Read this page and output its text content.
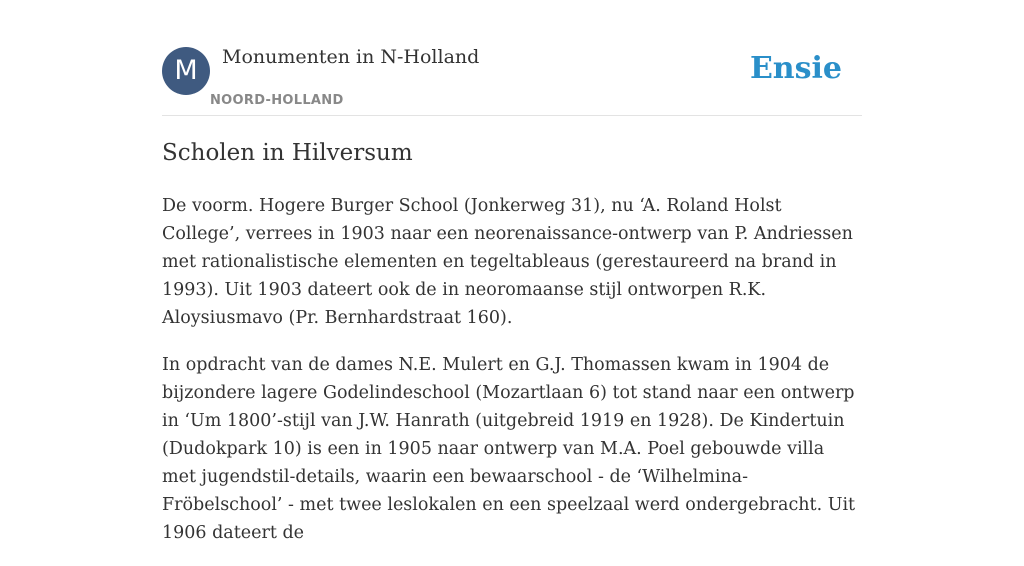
M	Monumenten in N-Holland
NOORD-HOLLAND
Ensie
Scholen in Hilversum

De voorm. Hogere Burger School (Jonkerweg 31), nu ‘A. Roland Holst College’, verrees in 1903 naar een neorenaissance-ontwerp van P. Andriessen met rationalistische elementen en tegeltableaus (gerestaureerd na brand in 1993). Uit 1903 dateert ook de in neoromaanse stijl ontworpen R.K. Aloysiusmavo (Pr. Bernhardstraat 160).

In opdracht van de dames N.E. Mulert en G.J. Thomassen kwam in 1904 de bijzondere lagere Godelindeschool (Mozartlaan 6) tot stand naar een ontwerp in ‘Um 1800’-stijl van J.W. Hanrath (uitgebreid 1919 en 1928). De Kindertuin (Dudokpark 10) is een in 1905 naar ontwerp van M.A. Poel gebouwde villa met jugendstil-details, waarin een bewaarschool - de ‘Wilhelmina-Fröbelschool’ - met twee leslokalen en een speelzaal werd ondergebracht. Uit 1906 dateert de
